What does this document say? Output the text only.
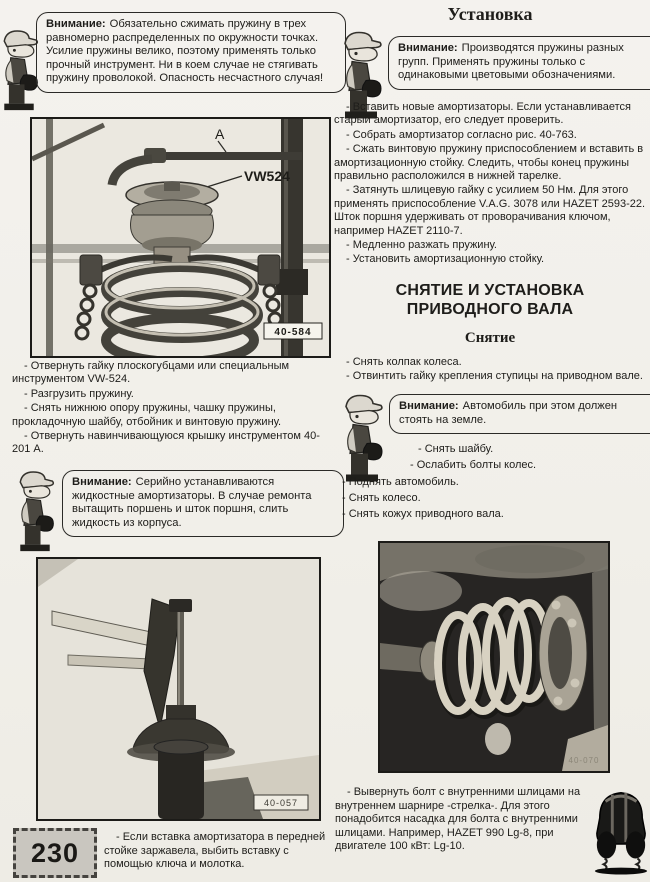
Внимание: Обязательно сжимать пружину в трех равномерно распределенных по окружности точках. Усилие пружины велико, поэтому применять только прочный инструмент. Ни в коем случае не стягивать пружину проволокой. Опасность несчастного случая!
A
VW524
40-584

- Отвернуть гайку плоскогубцами или специальным инструментом VW-524.

- Разгрузить пружину.

- Снять нижнюю опору пружины, чашку пружины, прокладочную шайбу, отбойник и винтовую пружину.

- Отвернуть навинчивающуюся крышку инструментом 40-201 А.

Внимание: Серийно устанавливаются жидкостные амортизаторы. В случае ремонта вытащить поршень и шток поршня, слить жидкость из корпуса.
40-057
230
- Если вставка амортизатора в передней стойке заржавела, выбить вставку с помощью ключа и молотка.
Установка
Внимание: Производятся пружины разных групп. Применять пружины только с одинаковыми цветовыми обозначениями.

- Вставить новые амортизаторы. Если устанавливается старый амортизатор, его следует проверить.

- Собрать амортизатор согласно рис. 40-763.

- Сжать винтовую пружину приспособлением и вставить в амортизационную стойку. Следить, чтобы конец пружины правильно расположился в нижней тарелке.

- Затянуть шлицевую гайку с усилием 50 Нм. Для этого применять приспособление V.A.G. 3078 или HAZET 2593-22. Шток поршня удерживать от проворачивания ключом, например HAZET 2110-7.

- Медленно разжать пружину.

- Установить амортизационную стойку.

СНЯТИЕ И УСТАНОВКА
ПРИВОДНОГО ВАЛА
Снятие

- Снять колпак колеса.

- Отвинтить гайку крепления ступицы на приводном вале.

Внимание: Автомобиль при этом должен стоять на земле.
- Снять шайбу.
- Ослабить болты колес.
- Поднять автомобиль.
- Снять колесо.
- Снять кожух приводного вала.
40-070
- Вывернуть болт с внутренними шлицами на внутреннем шарнире -стрелка-. Для этого понадобится насадка для болта с внутренними шлицами. Например, HAZET 990 Lg-8, при двигателе 100 кВт: Lg-10.
